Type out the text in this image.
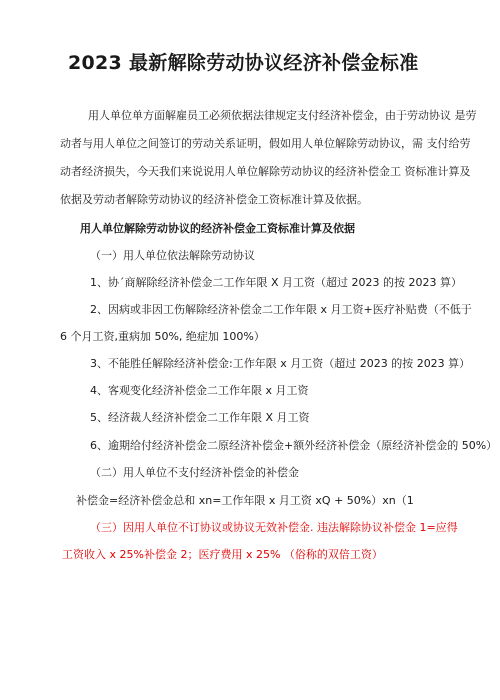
2023 最新解除劳动协议经济补偿金标准
用人单位单方面解雇员工必须依据法律规定支付经济补偿金，由于劳动协议 是劳
动者与用人单位之间签订的劳动关系证明，假如用人单位解除劳动协议，需 支付给劳
动者经济损失，今天我们来说说用人单位解除劳动协议的经济补偿金工 资标准计算及
依据及劳动者解除劳动协议的经济补偿金工资标准计算及依据。
用人单位解除劳动协议的经济补偿金工资标准计算及依据
（一）用人单位依法解除劳动协议
1、协´商解除经济补偿金二工作年限 X 月工资（超过 2023 的按 2023 算）
2、因病或非因工伤解除经济补偿金二工作年限 x 月工资+医疗补贴费（不低于
6 个月工资,重病加 50%, 绝症加 100%）
3、不能胜任解除经济补偿金:工作年限 x 月工资（超过 2023 的按 2023 算）
4、客观变化经济补偿金二工作年限 x 月工资
5、经济裁人经济补偿金二工作年限 X 月工资
6、逾期给付经济补偿金二原经济补偿金+额外经济补偿金（原经济补偿金的 50%）
（二）用人单位不支付经济补偿金的补偿金
补偿金=经济补偿金总和 xn=工作年限 x 月工资 xQ + 50%）xn（1
（三）因用人单位不订协议或协议无效补偿金. 违法解除协议补偿金 1=应得
工资收入 x 25%补偿金 2；医疗费用 x 25% （俗称的双倍工资）
